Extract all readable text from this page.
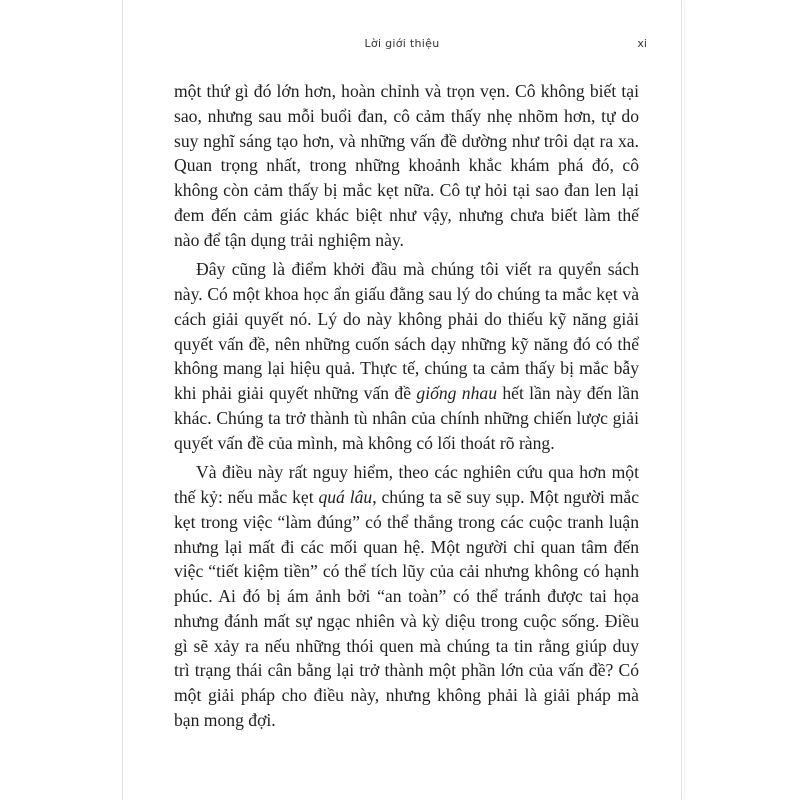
Lời giới thiệu	xi

một thứ gì đó lớn hơn, hoàn chỉnh và trọn vẹn. Cô không biết tại sao, nhưng sau mỗi buổi đan, cô cảm thấy nhẹ nhõm hơn, tự do suy nghĩ sáng tạo hơn, và những vấn đề dường như trôi dạt ra xa. Quan trọng nhất, trong những khoảnh khắc khám phá đó, cô không còn cảm thấy bị mắc kẹt nữa. Cô tự hỏi tại sao đan len lại đem đến cảm giác khác biệt như vậy, nhưng chưa biết làm thế nào để tận dụng trải nghiệm này.

Đây cũng là điểm khởi đầu mà chúng tôi viết ra quyển sách này. Có một khoa học ẩn giấu đằng sau lý do chúng ta mắc kẹt và cách giải quyết nó. Lý do này không phải do thiếu kỹ năng giải quyết vấn đề, nên những cuốn sách dạy những kỹ năng đó có thể không mang lại hiệu quả. Thực tế, chúng ta cảm thấy bị mắc bẫy khi phải giải quyết những vấn đề giống nhau hết lần này đến lần khác. Chúng ta trở thành tù nhân của chính những chiến lược giải quyết vấn đề của mình, mà không có lối thoát rõ ràng.

Và điều này rất nguy hiểm, theo các nghiên cứu qua hơn một thế kỷ: nếu mắc kẹt quá lâu, chúng ta sẽ suy sụp. Một người mắc kẹt trong việc “làm đúng” có thể thắng trong các cuộc tranh luận nhưng lại mất đi các mối quan hệ. Một người chỉ quan tâm đến việc “tiết kiệm tiền” có thể tích lũy của cải nhưng không có hạnh phúc. Ai đó bị ám ảnh bởi “an toàn” có thể tránh được tai họa nhưng đánh mất sự ngạc nhiên và kỳ diệu trong cuộc sống. Điều gì sẽ xảy ra nếu những thói quen mà chúng ta tin rằng giúp duy trì trạng thái cân bằng lại trở thành một phần lớn của vấn đề? Có một giải pháp cho điều này, nhưng không phải là giải pháp mà bạn mong đợi.
